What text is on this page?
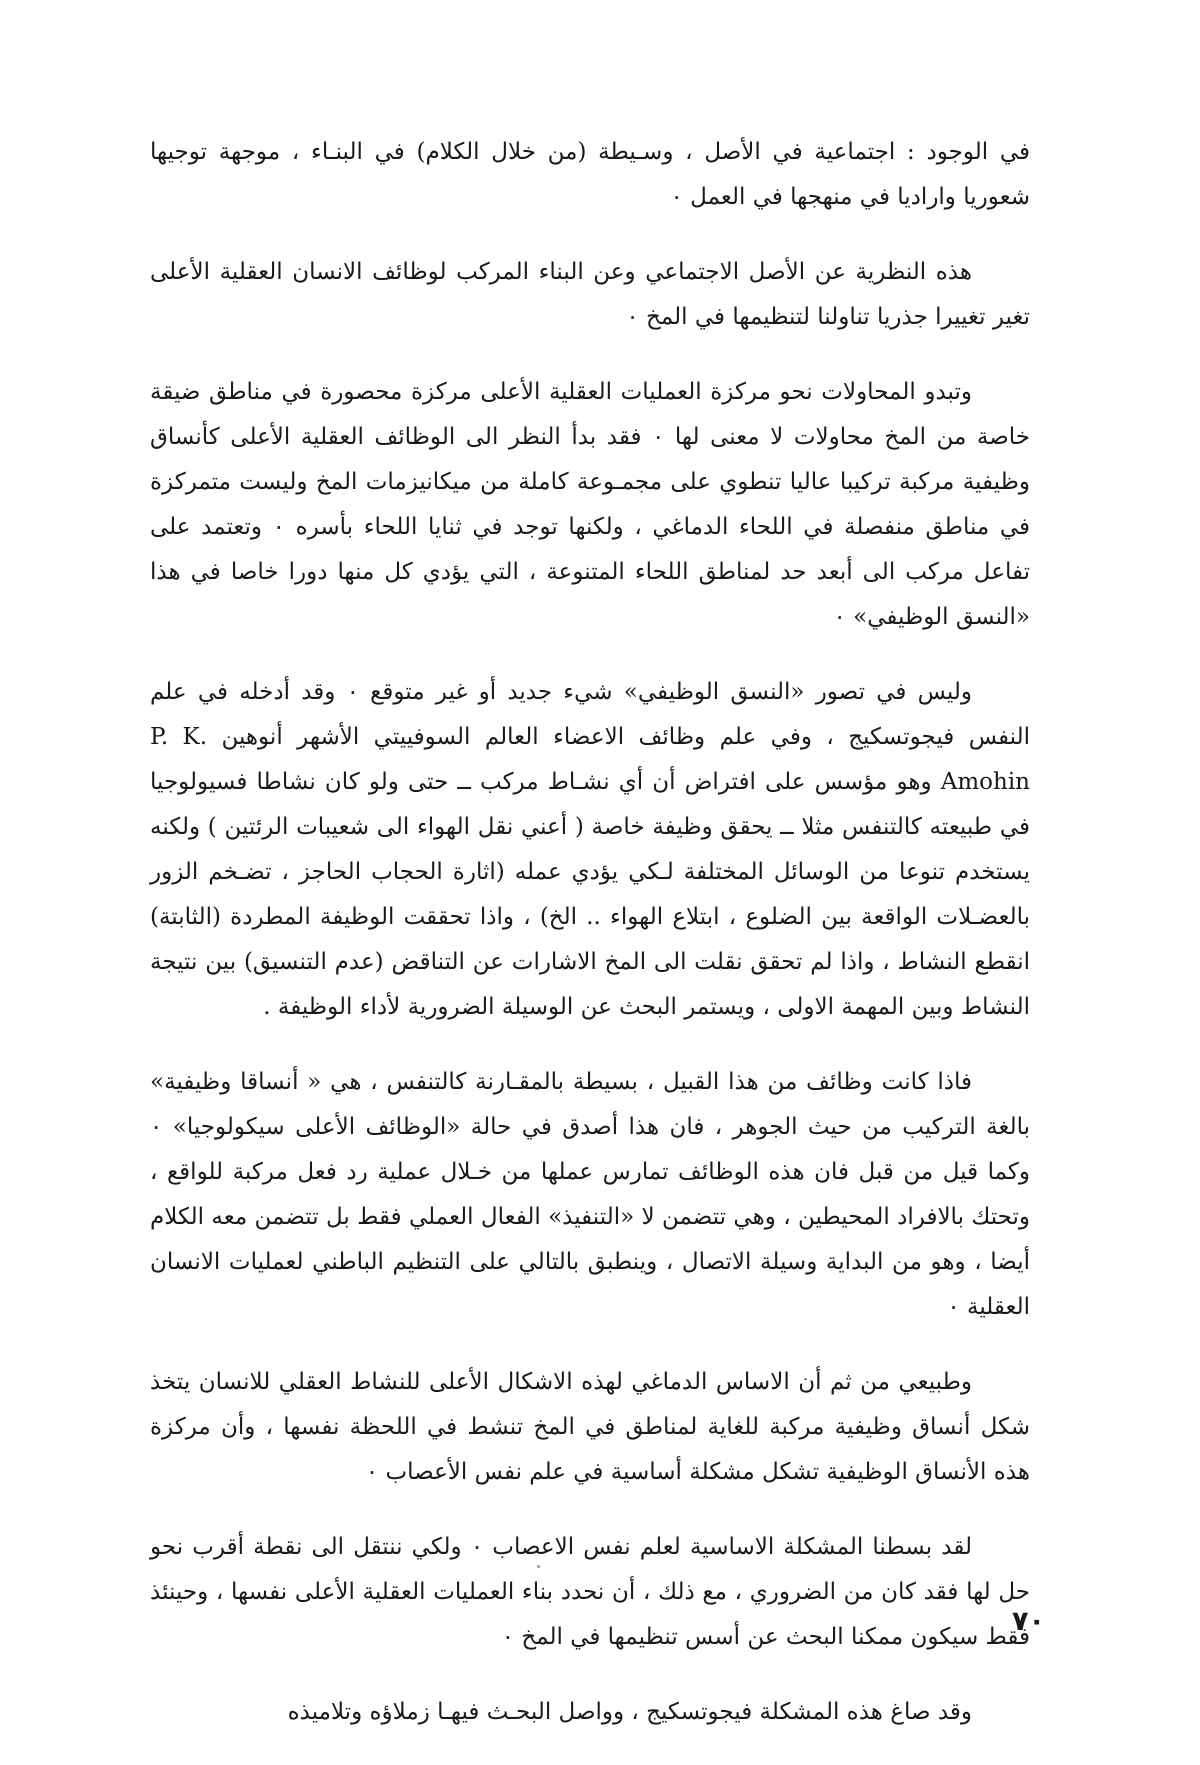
في الوجود : اجتماعية في الأصل ، وسـيطة (من خلال الكلام) في البنـاء ، موجهة توجيها شعوريا واراديا في منهجها في العمل ٠

هذه النظرية عن الأصل الاجتماعي وعن البناء المركب لوظائف الانسان العقلية الأعلى تغير تغييرا جذريا تناولنا لتنظيمها في المخ ٠

وتبدو المحاولات نحو مركزة العمليات العقلية الأعلى مركزة محصورة في مناطق ضيقة خاصة من المخ محاولات لا معنى لها ٠ فقد بدأ النظر الى الوظائف العقلية الأعلى كأنساق وظيفية مركبة تركيبا عاليا تنطوي على مجمـوعة كاملة من ميكانيزمات المخ وليست متمركزة في مناطق منفصلة في اللحاء الدماغي ، ولكنها توجد في ثنايا اللحاء بأسره ٠ وتعتمد على تفاعل مركب الى أبعد حد لمناطق اللحاء المتنوعة ، التي يؤدي كل منها دورا خاصا في هذا «النسق الوظيفي» ٠

وليس في تصور «النسق الوظيفي» شيء جديد أو غير متوقع ٠ وقد أدخله في علم النفس فيجوتسكيج ، وفي علم وظائف الاعضاء العالم السوفييتي الأشهر أنوهين P. K. Amohin وهو مؤسس على افتراض أن أي نشـاط مركب ــ حتى ولو كان نشاطا فسيولوجيا في طبيعته كالتنفس مثلا ــ يحقق وظيفة خاصة ( أعني نقل الهواء الى شعيبات الرئتين ) ولكنه يستخدم تنوعا من الوسائل المختلفة لـكي يؤدي عمله (اثارة الحجاب الحاجز ، تضـخم الزور بالعضـلات الواقعة بين الضلوع ، ابتلاع الهواء .. الخ) ، واذا تحققت الوظيفة المطردة (الثابتة) انقطع النشاط ، واذا لم تحقق نقلت الى المخ الاشارات عن التناقض (عدم التنسيق) بين نتيجة النشاط وبين المهمة الاولى ، ويستمر البحث عن الوسيلة الضرورية لأداء الوظيفة .

فاذا كانت وظائف من هذا القبيل ، بسيطة بالمقـارنة كالتنفس ، هي « أنساقا وظيفية» بالغة التركيب من حيث الجوهر ، فان هذا أصدق في حالة «الوظائف الأعلى سيكولوجيا» ٠ وكما قيل من قبل فان هذه الوظائف تمارس عملها من خـلال عملية رد فعل مركبة للواقع ، وتحتك بالافراد المحيطين ، وهي تتضمن لا «التنفيذ» الفعال العملي فقط بل تتضمن معه الكلام أيضا ، وهو من البداية وسيلة الاتصال ، وينطبق بالتالي على التنظيم الباطني لعمليات الانسان العقلية ٠

وطبيعي من ثم أن الاساس الدماغي لهذه الاشكال الأعلى للنشاط العقلي للانسان يتخذ شكل أنساق وظيفية مركبة للغاية لمناطق في المخ تنشط في اللحظة نفسها ، وأن مركزة هذه الأنساق الوظيفية تشكل مشكلة أساسية في علم نفس الأعصاب ٠

لقد بسطنا المشكلة الاساسية لعلم نفس الاعصاب ٠ ولكي ننتقل الى نقطة أقرب نحو حل لها فقد كان من الضروري ، مع ذلك ، أن نحدد بناء العمليات العقلية الأعلى نفسها ، وحينئذ فقط سيكون ممكنا البحث عن أسس تنظيمها في المخ ٠

وقد صاغ هذه المشكلة فيجوتسكيج ، وواصل البحـث فيهـا زملاؤه وتلاميذه

٧٠
